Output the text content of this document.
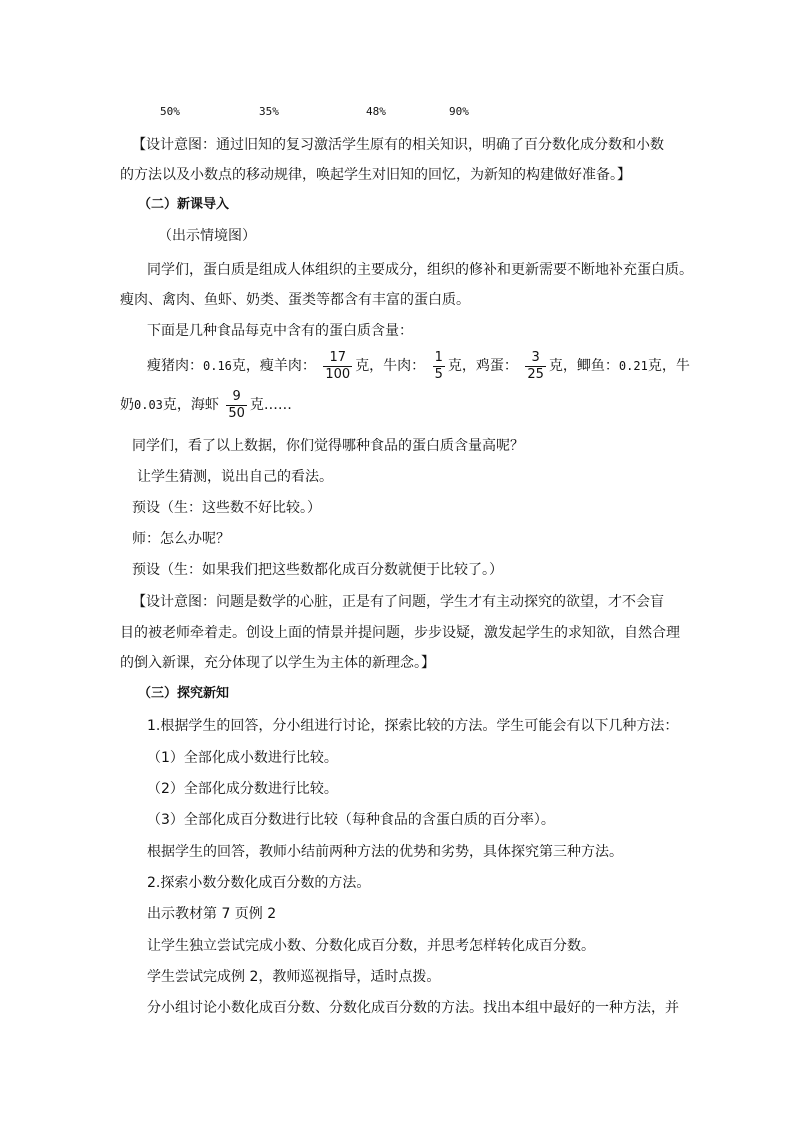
50%	35%	48%	90%
【设计意图：通过旧知的复习激活学生原有的相关知识，明确了百分数化成分数和小数
的方法以及小数点的移动规律，唤起学生对旧知的回忆，为新知的构建做好准备。】
（二）新课导入
（出示情境图）
同学们，蛋白质是组成人体组织的主要成分，组织的修补和更新需要不断地补充蛋白质。
瘦肉、禽肉、鱼虾、奶类、蛋类等都含有丰富的蛋白质。
下面是几种食品每克中含有的蛋白质含量：
瘦猪肉：0.16克，瘦羊肉： $\frac{17}{100}$ 克，牛肉： $\frac{1}{5}$ 克，鸡蛋： $\frac{3}{25}$ 克，鲫鱼：0.21克，牛
奶0.03克，海虾 $\frac{9}{50}$ 克……
同学们，看了以上数据，你们觉得哪种食品的蛋白质含量高呢？
让学生猜测，说出自己的看法。
预设（生：这些数不好比较。）
师：怎么办呢？
预设（生：如果我们把这些数都化成百分数就便于比较了。）
【设计意图：问题是数学的心脏，正是有了问题，学生才有主动探究的欲望，才不会盲
目的被老师牵着走。创设上面的情景并提问题，步步设疑，激发起学生的求知欲，自然合理
的倒入新课，充分体现了以学生为主体的新理念。】
（三）探究新知
1.根据学生的回答，分小组进行讨论，探索比较的方法。学生可能会有以下几种方法：
（1）全部化成小数进行比较。
（2）全部化成分数进行比较。
（3）全部化成百分数进行比较（每种食品的含蛋白质的百分率）。
根据学生的回答，教师小结前两种方法的优势和劣势，具体探究第三种方法。
2.探索小数分数化成百分数的方法。
出示教材第 7 页例 2
让学生独立尝试完成小数、分数化成百分数，并思考怎样转化成百分数。
学生尝试完成例 2，教师巡视指导，适时点拨。
分小组讨论小数化成百分数、分数化成百分数的方法。找出本组中最好的一种方法，并
